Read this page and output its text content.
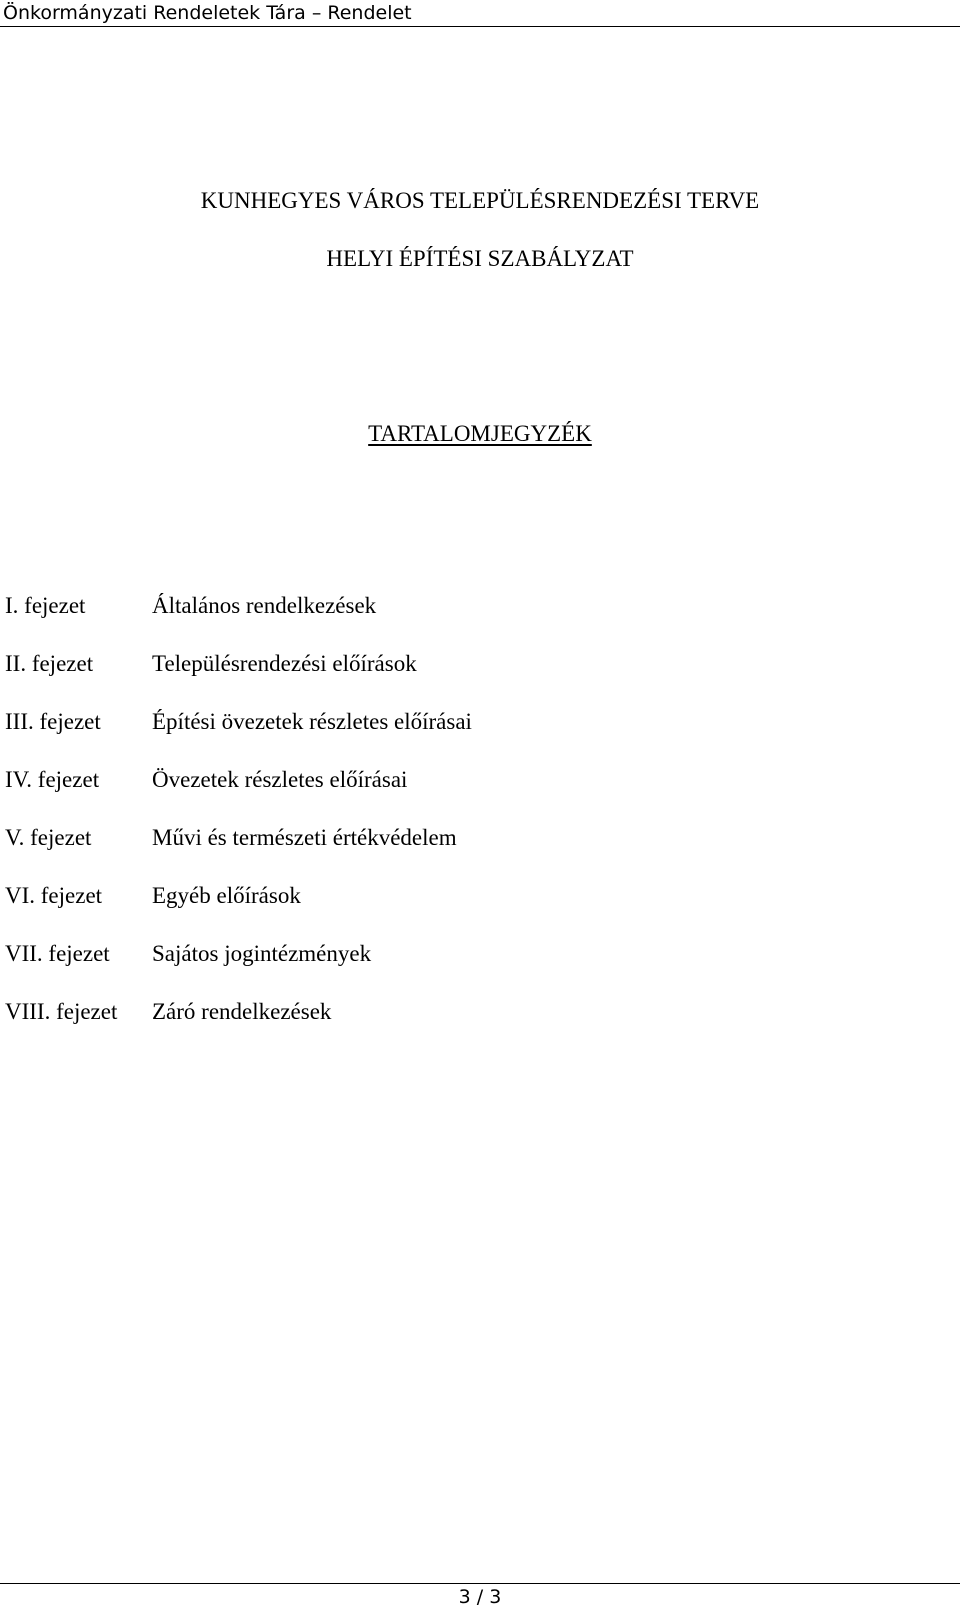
Önkormányzati Rendeletek Tára – Rendelet
KUNHEGYES VÁROS TELEPÜLÉSRENDEZÉSI TERVE
HELYI ÉPÍTÉSI SZABÁLYZAT
TARTALOMJEGYZÉK
I. fejezet	Általános rendelkezések
II. fejezet	Településrendezési előírások
III. fejezet Építési övezetek részletes előírásai
IV. fejezet Övezetek részletes előírásai
V. fejezet	Művi és természeti értékvédelem
VI. fejezet Egyéb előírások
VII. fejezet Sajátos jogintézmények
VIII. fejezet Záró rendelkezések
3 / 3
